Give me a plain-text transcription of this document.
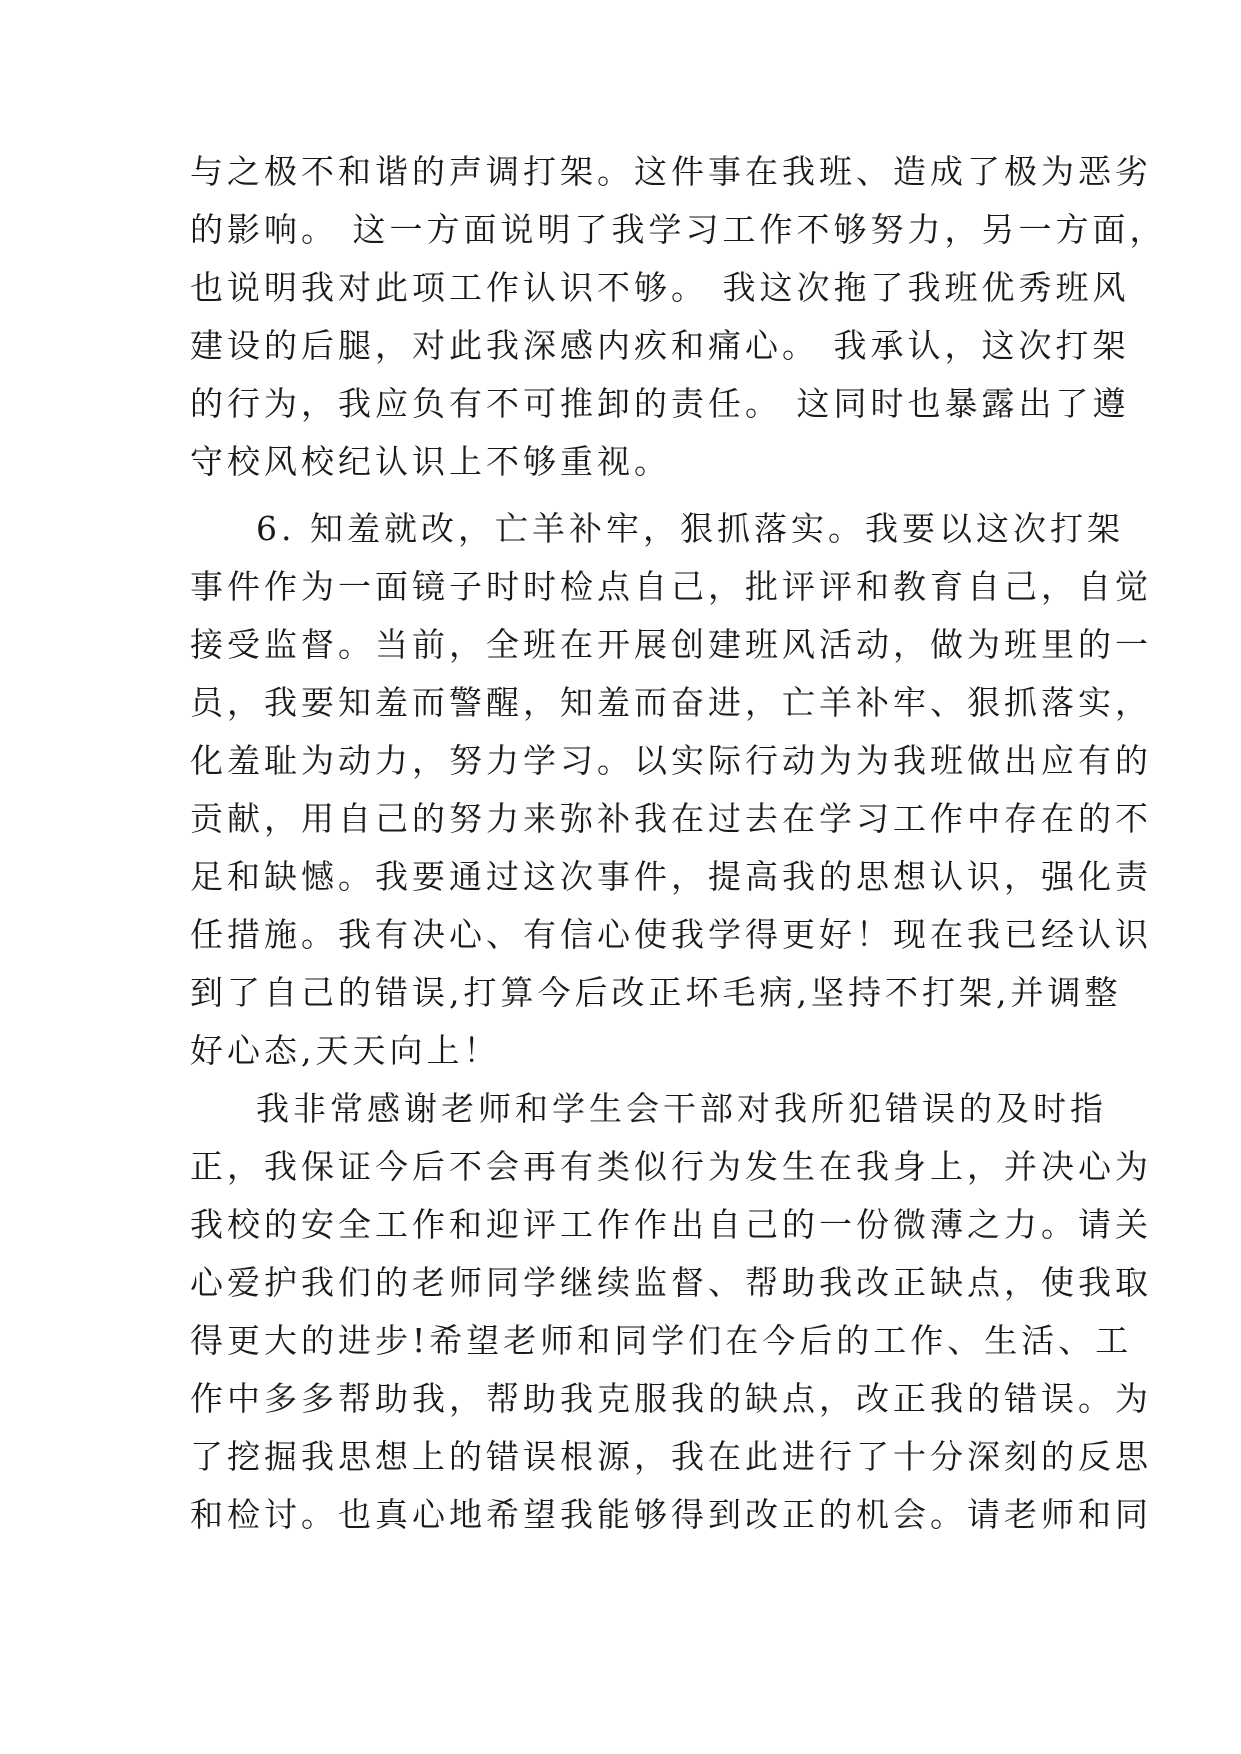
与之极不和谐的声调打架。这件事在我班、造成了极为恶劣
的影响。 这一方面说明了我学习工作不够努力，另一方面，
也说明我对此项工作认识不够。 我这次拖了我班优秀班风
建设的后腿，对此我深感内疚和痛心。 我承认，这次打架
的行为，我应负有不可推卸的责任。 这同时也暴露出了遵
守校风校纪认识上不够重视。
6. 知羞就改，亡羊补牢，狠抓落实。我要以这次打架
事件作为一面镜子时时检点自己，批评评和教育自己，自觉
接受监督。当前，全班在开展创建班风活动，做为班里的一
员，我要知羞而警醒，知羞而奋进，亡羊补牢、狠抓落实，
化羞耻为动力，努力学习。以实际行动为为我班做出应有的
贡献，用自己的努力来弥补我在过去在学习工作中存在的不
足和缺憾。我要通过这次事件，提高我的思想认识，强化责
任措施。我有决心、有信心使我学得更好！现在我已经认识
到了自己的错误,打算今后改正坏毛病,坚持不打架,并调整
好心态,天天向上！
我非常感谢老师和学生会干部对我所犯错误的及时指
正，我保证今后不会再有类似行为发生在我身上，并决心为
我校的安全工作和迎评工作作出自己的一份微薄之力。请关
心爱护我们的老师同学继续监督、帮助我改正缺点，使我取
得更大的进步!希望老师和同学们在今后的工作、生活、工
作中多多帮助我，帮助我克服我的缺点，改正我的错误。为
了挖掘我思想上的错误根源，我在此进行了十分深刻的反思
和检讨。也真心地希望我能够得到改正的机会。请老师和同
